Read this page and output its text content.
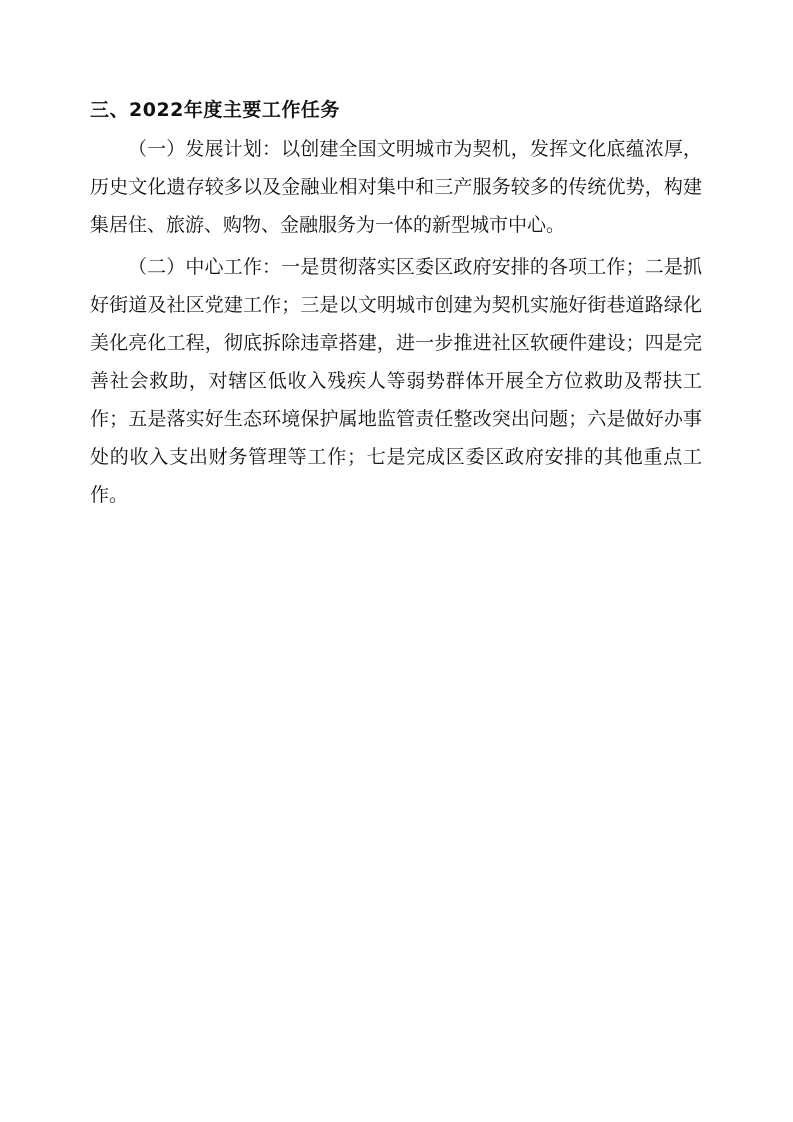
三、2022年度主要工作任务

（一）发展计划：以创建全国文明城市为契机，发挥文化底蕴浓厚，历史文化遗存较多以及金融业相对集中和三产服务较多的传统优势，构建集居住、旅游、购物、金融服务为一体的新型城市中心。

（二）中心工作：一是贯彻落实区委区政府安排的各项工作；二是抓好街道及社区党建工作；三是以文明城市创建为契机实施好街巷道路绿化美化亮化工程，彻底拆除违章搭建，进一步推进社区软硬件建设；四是完善社会救助，对辖区低收入残疾人等弱势群体开展全方位救助及帮扶工作；五是落实好生态环境保护属地监管责任整改突出问题；六是做好办事处的收入支出财务管理等工作；七是完成区委区政府安排的其他重点工作。
